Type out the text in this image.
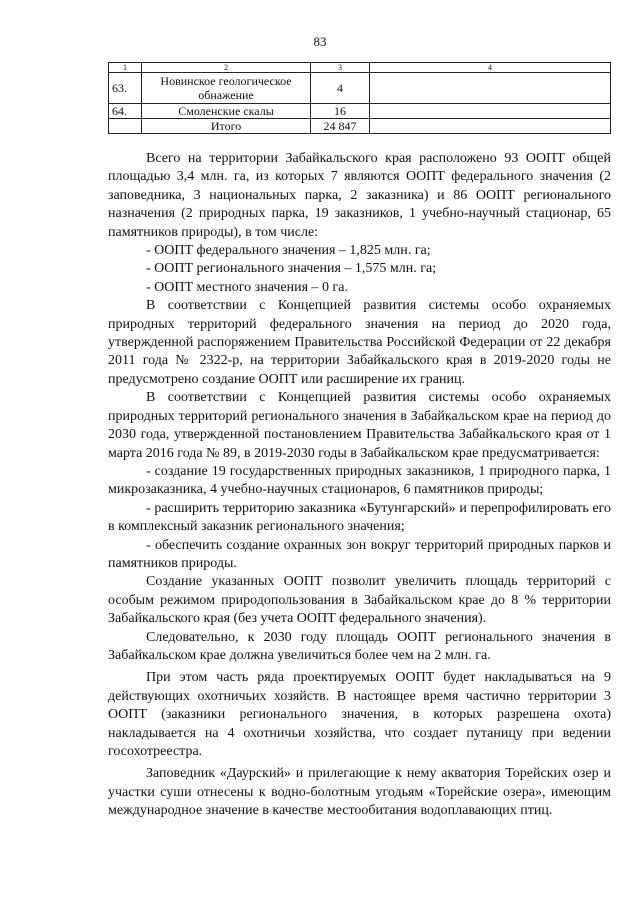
83
1	2	3	4
63.	Новинское геологическое обнажение	4	
64.	Смоленские скалы	16	
	Итого	24 847	

Всего на территории Забайкальского края расположено 93 ООПТ общей площадью 3,4 млн. га, из которых 7 являются ООПТ федерального значения (2 заповедника, 3 национальных парка, 2 заказника) и 86 ООПТ регионального назначения (2 природных парка, 19 заказников, 1 учебно-научный стационар, 65 памятников природы), в том числе:

- ООПТ федерального значения – 1,825 млн. га;

- ООПТ регионального значения – 1,575 млн. га;

- ООПТ местного значения – 0 га.

В соответствии с Концепцией развития системы особо охраняемых природных территорий федерального значения на период до 2020 года, утвержденной распоряжением Правительства Российской Федерации от 22 декабря 2011 года № 2322-р, на территории Забайкальского края в 2019-2020 годы не предусмотрено создание ООПТ или расширение их границ.

В соответствии с Концепцией развития системы особо охраняемых природных территорий регионального значения в Забайкальском крае на период до 2030 года, утвержденной постановлением Правительства Забайкальского края от 1 марта 2016 года № 89, в 2019-2030 годы в Забайкальском крае предусматривается:

- создание 19 государственных природных заказников, 1 природного парка, 1 микрозаказника, 4 учебно-научных стационаров, 6 памятников природы;

- расширить территорию заказника «Бутунгарский» и перепрофилировать его в комплексный заказник регионального значения;

- обеспечить создание охранных зон вокруг территорий природных парков и памятников природы.

Создание указанных ООПТ позволит увеличить площадь территорий с особым режимом природопользования в Забайкальском крае до 8 % территории Забайкальского края (без учета ООПТ федерального значения).

Следовательно, к 2030 году площадь ООПТ регионального значения в Забайкальском крае должна увеличиться более чем на 2 млн. га.

При этом часть ряда проектируемых ООПТ будет накладываться на 9 действующих охотничьих хозяйств. В настоящее время частично территории 3 ООПТ (заказники регионального значения, в которых разрешена охота) накладывается на 4 охотничьи хозяйства, что создает путаницу при ведении госохотреестра.

Заповедник «Даурский» и прилегающие к нему акватория Торейских озер и участки суши отнесены к водно-болотным угодьям «Торейские озера», имеющим международное значение в качестве местообитания водоплавающих птиц.
